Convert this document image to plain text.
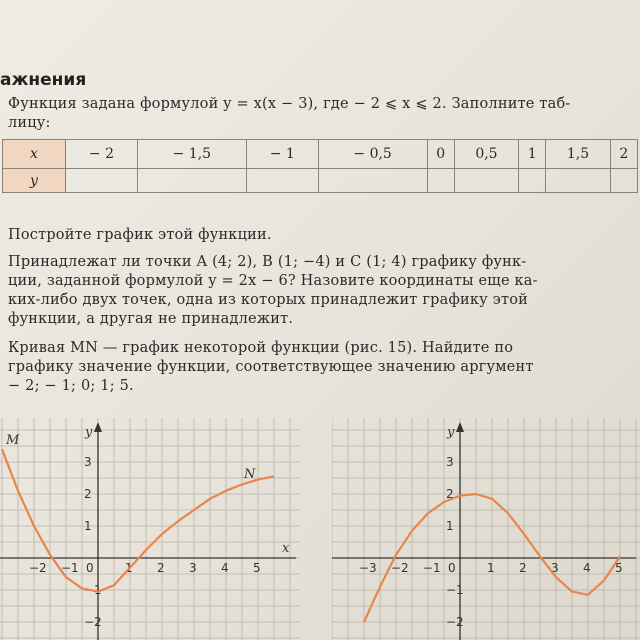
ажнения
Функция задана формулой y = x(x − 3), где − 2 ⩽ x ⩽ 2. Заполните таб-
лицу:
x	− 2	− 1,5	− 1	− 0,5	0	0,5	1	1,5	2
y									
Постройте график этой функции.
Принадлежат ли точки A (4; 2), B (1; −4) и C (1; 4) графику функ-
ции, заданной формулой y = 2x − 6? Назовите координаты еще ка-
ких-либо двух точек, одна из которых принадлежит графику этой
функции, а другая не принадлежит.
Кривая MN — график некоторой функции (рис. 15). Найдите по
графику значение функции, соответствующее значению аргумент
− 2; − 1; 0; 1; 5.
−2 −1	1 2 3 4 5
3
2
1
−1
−2
0
y
x
M
N
−3 −2 −1	1 2 3 4 5
3
2
1
−1
−2
0
y
